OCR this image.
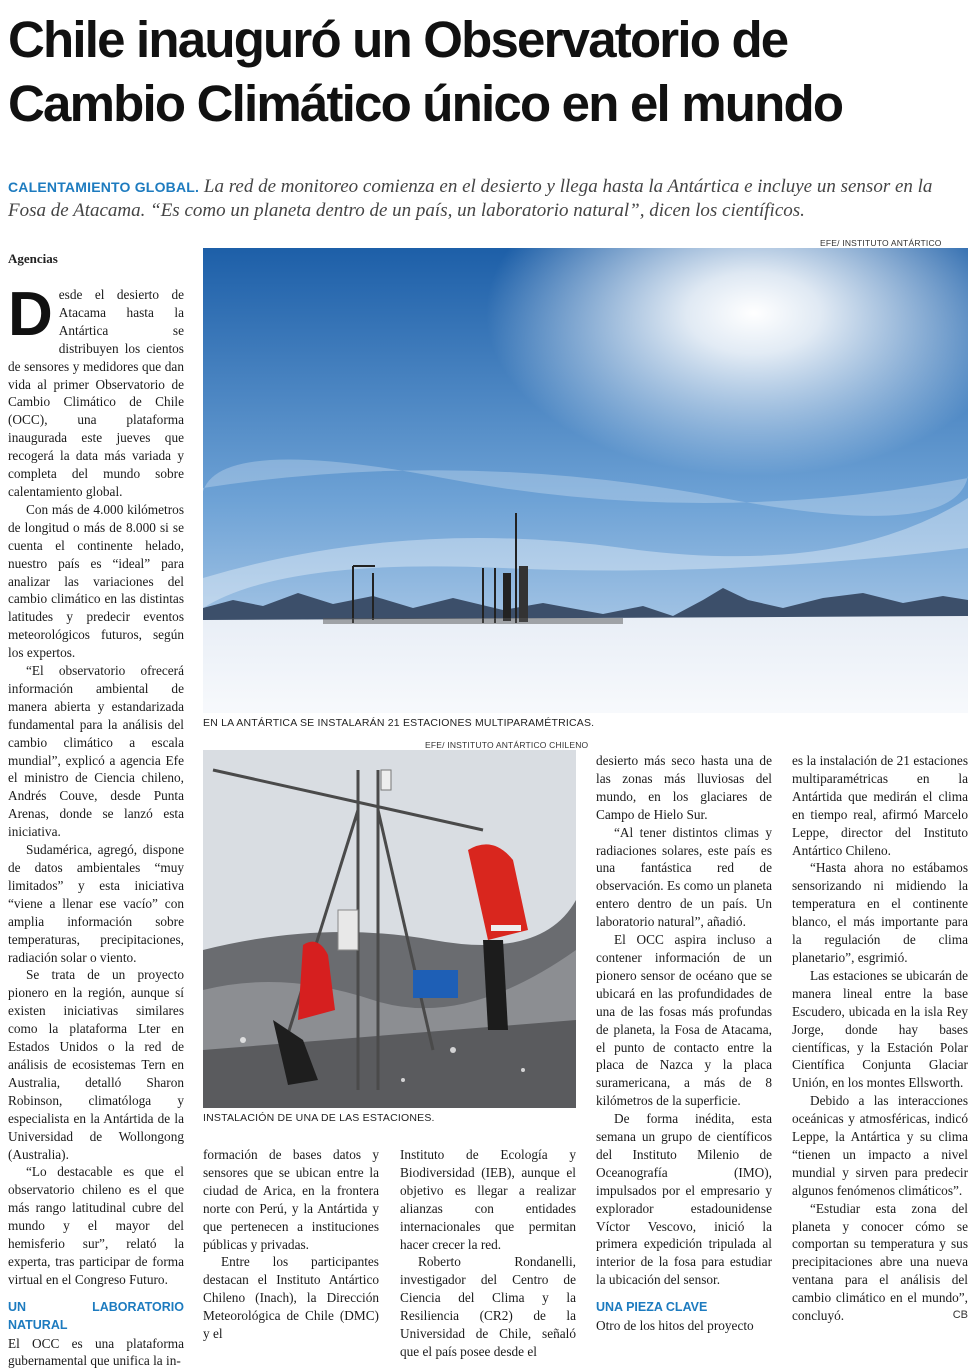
Chile inauguró un Observatorio de Cambio Climático único en el mundo
CALENTAMIENTO GLOBAL. La red de monitoreo comienza en el desierto y llega hasta la Antártica e incluye un sensor en la Fosa de Atacama. “Es como un planeta dentro de un país, un laboratorio natural”, dicen los científicos.
Agencias

Desde el desierto de Atacama hasta la Antártica se distribuyen los cientos de sensores y medidores que dan vida al primer Observatorio de Cambio Climático de Chile (OCC), una plataforma inaugurada este jueves que recogerá la data más variada y completa del mundo sobre calentamiento global.

Con más de 4.000 kilómetros de longitud o más de 8.000 si se cuenta el continente helado, nuestro país es “ideal” para analizar las variaciones del cambio climático en las distintas latitudes y predecir eventos meteorológicos futuros, según los expertos.

“El observatorio ofrecerá información ambiental de manera abierta y estandarizada fundamental para la análisis del cambio climático a escala mundial”, explicó a agencia Efe el ministro de Ciencia chileno, Andrés Couve, desde Punta Arenas, donde se lanzó esta iniciativa.

Sudamérica, agregó, dispone de datos ambientales “muy limitados” y esta iniciativa “viene a llenar ese vacío” con amplia información sobre temperaturas, precipitaciones, radiación solar o viento.

Se trata de un proyecto pionero en la región, aunque sí existen iniciativas similares como la plataforma Lter en Estados Unidos o la red de análisis de ecosistemas Tern en Australia, detalló Sharon Robinson, climatóloga y especialista en la Antártida de la Universidad de Wollongong (Australia).

“Lo destacable es que el observatorio chileno es el que más rango latitudinal cubre del mundo y el mayor del hemisferio sur”, relató la experta, tras participar de forma virtual en el Congreso Futuro.

UN LABORATORIO NATURAL

El OCC es una plataforma gubernamental que unifica la in-

EFE/ INSTITUTO ANTÁRTICO
EN LA ANTÁRTICA SE INSTALARÁN 21 ESTACIONES MULTIPARAMÉTRICAS.
EFE/ INSTITUTO ANTÁRTICO CHILENO
INSTALACIÓN DE UNA DE LAS ESTACIONES.

formación de bases datos y sensores que se ubican entre la ciudad de Arica, en la frontera norte con Perú, y la Antártida y que pertenecen a instituciones públicas y privadas.

Entre los participantes destacan el Instituto Antártico Chileno (Inach), la Dirección Meteorológica de Chile (DMC) y el

Instituto de Ecología y Biodiversidad (IEB), aunque el objetivo es llegar a realizar alianzas con entidades internacionales que permitan hacer crecer la red.

Roberto Rondanelli, investigador del Centro de Ciencia del Clima y la Resiliencia (CR2) de la Universidad de Chile, señaló que el país posee desde el

desierto más seco hasta una de las zonas más lluviosas del mundo, en los glaciares de Campo de Hielo Sur.

“Al tener distintos climas y radiaciones solares, este país es una fantástica red de observación. Es como un planeta entero dentro de un país. Un laboratorio natural”, añadió.

El OCC aspira incluso a contener información de un pionero sensor de océano que se ubicará en las profundidades de una de las fosas más profundas de planeta, la Fosa de Atacama, el punto de contacto entre la placa de Nazca y la placa suramericana, a más de 8 kilómetros de la superficie.

De forma inédita, esta semana un grupo de científicos del Instituto Milenio de Oceanografía (IMO), impulsados por el empresario y explorador estadounidense Víctor Vescovo, inició la primera expedición tripulada al interior de la fosa para estudiar la ubicación del sensor.

UNA PIEZA CLAVE

Otro de los hitos del proyecto

es la instalación de 21 estaciones multiparamétricas en la Antártida que medirán el clima en tiempo real, afirmó Marcelo Leppe, director del Instituto Antártico Chileno.

“Hasta ahora no estábamos sensorizando ni midiendo la temperatura en el continente blanco, el más importante para la regulación de clima planetario”, esgrimió.

Las estaciones se ubicarán de manera lineal entre la base Escudero, ubicada en la isla Rey Jorge, donde hay bases científicas, y la Estación Polar Científica Conjunta Glaciar Unión, en los montes Ellsworth.

Debido a las interacciones oceánicas y atmosféricas, indicó Leppe, la Antártica y su clima “tienen un impacto a nivel mundial y sirven para predecir algunos fenómenos climáticos”.

“Estudiar esta zona del planeta y conocer cómo se comportan su temperatura y sus precipitaciones abre una nueva ventana para el análisis del cambio climático en el mundo”, concluyó.	CB
